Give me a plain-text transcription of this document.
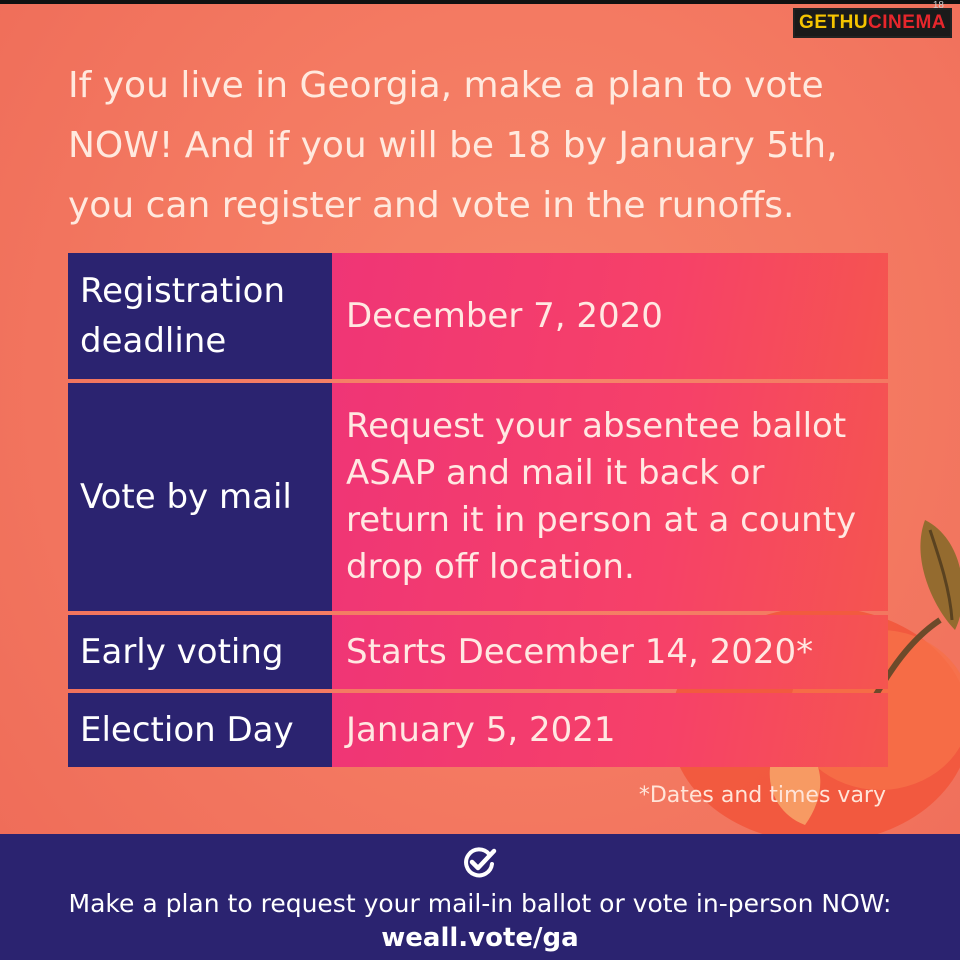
GETHU CINEMA
18
If you live in Georgia, make a plan to vote NOW! And if you will be 18 by January 5th, you can register and vote in the runoffs.
Registration deadline
December 7, 2020
Vote by mail
Request your absentee ballot ASAP and mail it back or return it in person at a county drop off location.
Early voting	Starts December 14, 2020*
Election Day	January 5, 2021
*Dates and times vary
Make a plan to request your mail-in ballot or vote in-person NOW:
weall.vote/ga
